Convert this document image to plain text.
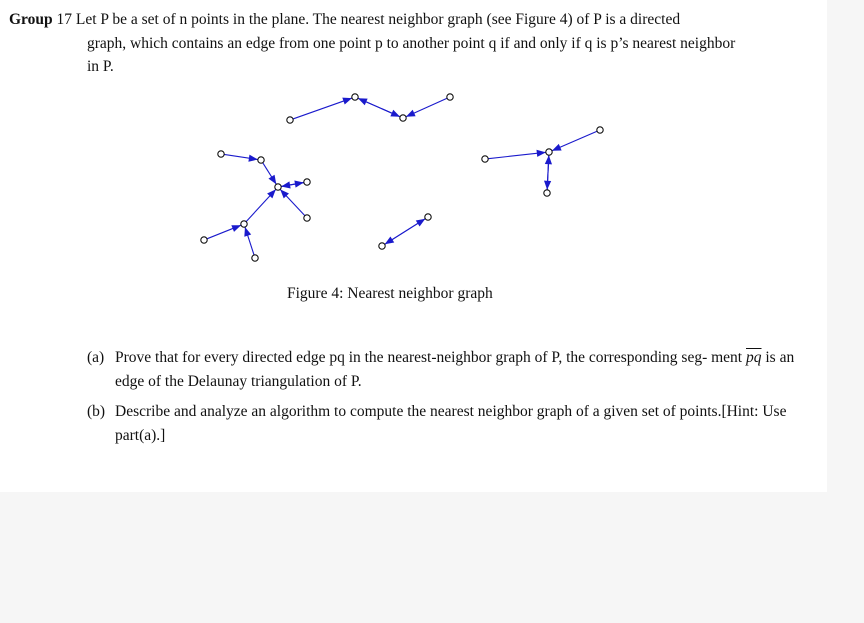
Group 17 Let P be a set of n points in the plane. The nearest neighbor graph (see Figure 4) of P is a directed
graph, which contains an edge from one point p to another point q if and only if q is p’s nearest neighbor
in P.
Figure 4: Nearest neighbor graph
(a) Prove that for every directed edge pq in the nearest-neighbor graph of P, the corresponding seg- ment $\overline{pq}$ is an edge of the Delaunay triangulation of P.
(b) Describe and analyze an algorithm to compute the nearest neighbor graph of a given set of points.[Hint: Use part(a).]
